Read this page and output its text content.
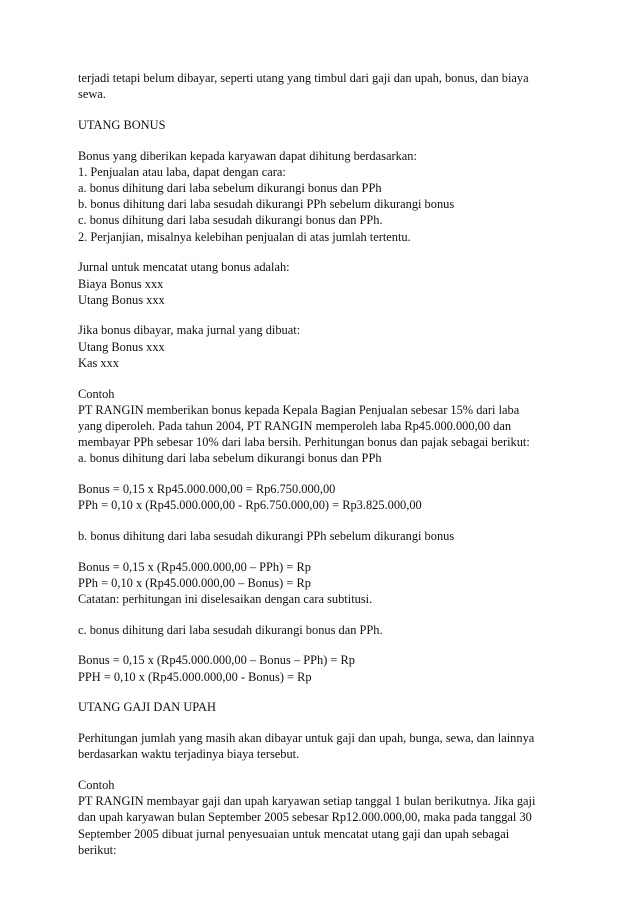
terjadi tetapi belum dibayar, seperti utang yang timbul dari gaji dan upah, bonus, dan biaya
sewa.
UTANG BONUS
Bonus yang diberikan kepada karyawan dapat dihitung berdasarkan:
1. Penjualan atau laba, dapat dengan cara:
a. bonus dihitung dari laba sebelum dikurangi bonus dan PPh
b. bonus dihitung dari laba sesudah dikurangi PPh sebelum dikurangi bonus
c. bonus dihitung dari laba sesudah dikurangi bonus dan PPh.
2. Perjanjian, misalnya kelebihan penjualan di atas jumlah tertentu.
Jurnal untuk mencatat utang bonus adalah:
Biaya Bonus xxx
Utang Bonus xxx
Jika bonus dibayar, maka jurnal yang dibuat:
Utang Bonus xxx
Kas xxx
Contoh
PT RANGIN memberikan bonus kepada Kepala Bagian Penjualan sebesar 15% dari laba
yang diperoleh. Pada tahun 2004, PT RANGIN memperoleh laba Rp45.000.000,00 dan
membayar PPh sebesar 10% dari laba bersih. Perhitungan bonus dan pajak sebagai berikut:
a. bonus dihitung dari laba sebelum dikurangi bonus dan PPh
Bonus = 0,15 x Rp45.000.000,00 = Rp6.750.000,00
PPh = 0,10 x (Rp45.000.000,00 - Rp6.750.000,00) = Rp3.825.000,00
b. bonus dihitung dari laba sesudah dikurangi PPh sebelum dikurangi bonus
Bonus = 0,15 x (Rp45.000.000,00 – PPh) = Rp
PPh = 0,10 x (Rp45.000.000,00 – Bonus) = Rp
Catatan: perhitungan ini diselesaikan dengan cara subtitusi.
c. bonus dihitung dari laba sesudah dikurangi bonus dan PPh.
Bonus = 0,15 x (Rp45.000.000,00 – Bonus – PPh) = Rp
PPH = 0,10 x (Rp45.000.000,00 - Bonus) = Rp
UTANG GAJI DAN UPAH
Perhitungan jumlah yang masih akan dibayar untuk gaji dan upah, bunga, sewa, dan lainnya
berdasarkan waktu terjadinya biaya tersebut.
Contoh
PT RANGIN membayar gaji dan upah karyawan setiap tanggal 1 bulan berikutnya. Jika gaji
dan upah karyawan bulan September 2005 sebesar Rp12.000.000,00, maka pada tanggal 30
September 2005 dibuat jurnal penyesuaian untuk mencatat utang gaji dan upah sebagai
berikut:
